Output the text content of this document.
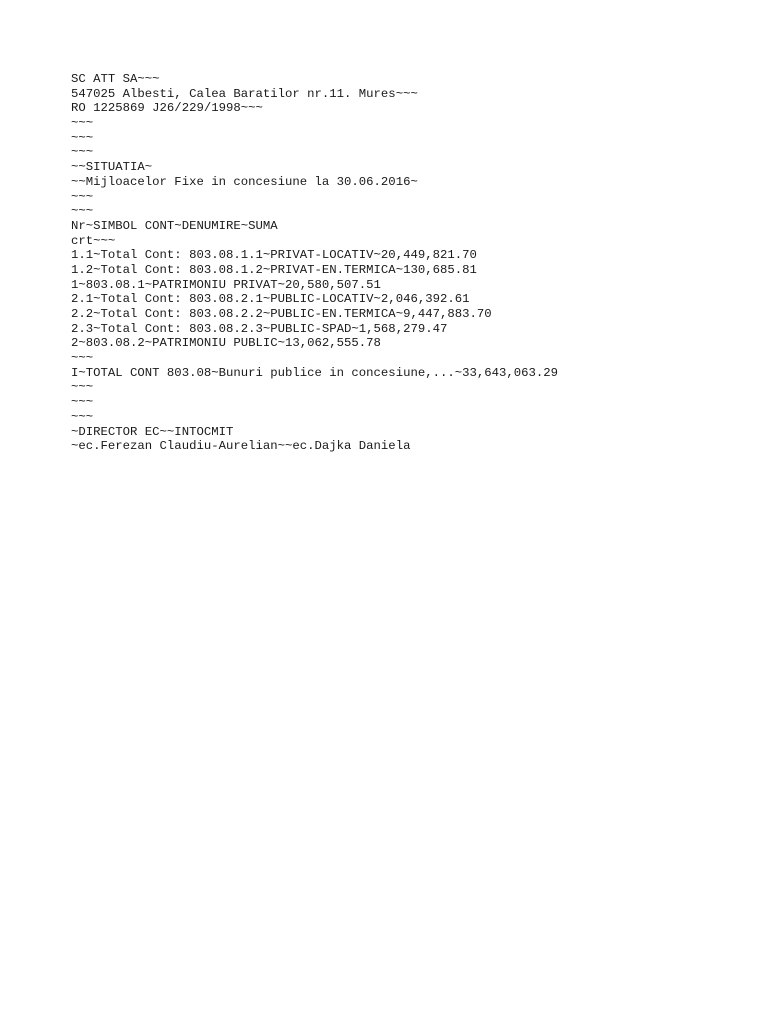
SC ATT SA~~~
547025 Albesti, Calea Baratilor nr.11. Mures~~~
RO 1225869 J26/229/1998~~~
~~~
~~~
~~~
~~SITUATIA~
~~Mijloacelor Fixe in concesiune la 30.06.2016~
~~~
~~~
Nr~SIMBOL CONT~DENUMIRE~SUMA
crt~~~
1.1~Total Cont: 803.08.1.1~PRIVAT-LOCATIV~20,449,821.70
1.2~Total Cont: 803.08.1.2~PRIVAT-EN.TERMICA~130,685.81
1~803.08.1~PATRIMONIU PRIVAT~20,580,507.51
2.1~Total Cont: 803.08.2.1~PUBLIC-LOCATIV~2,046,392.61
2.2~Total Cont: 803.08.2.2~PUBLIC-EN.TERMICA~9,447,883.70
2.3~Total Cont: 803.08.2.3~PUBLIC-SPAD~1,568,279.47
2~803.08.2~PATRIMONIU PUBLIC~13,062,555.78
~~~
I~TOTAL CONT 803.08~Bunuri publice in concesiune,...~33,643,063.29
~~~
~~~
~~~
~DIRECTOR EC~~INTOCMIT
~ec.Ferezan Claudiu-Aurelian~~ec.Dajka Daniela
